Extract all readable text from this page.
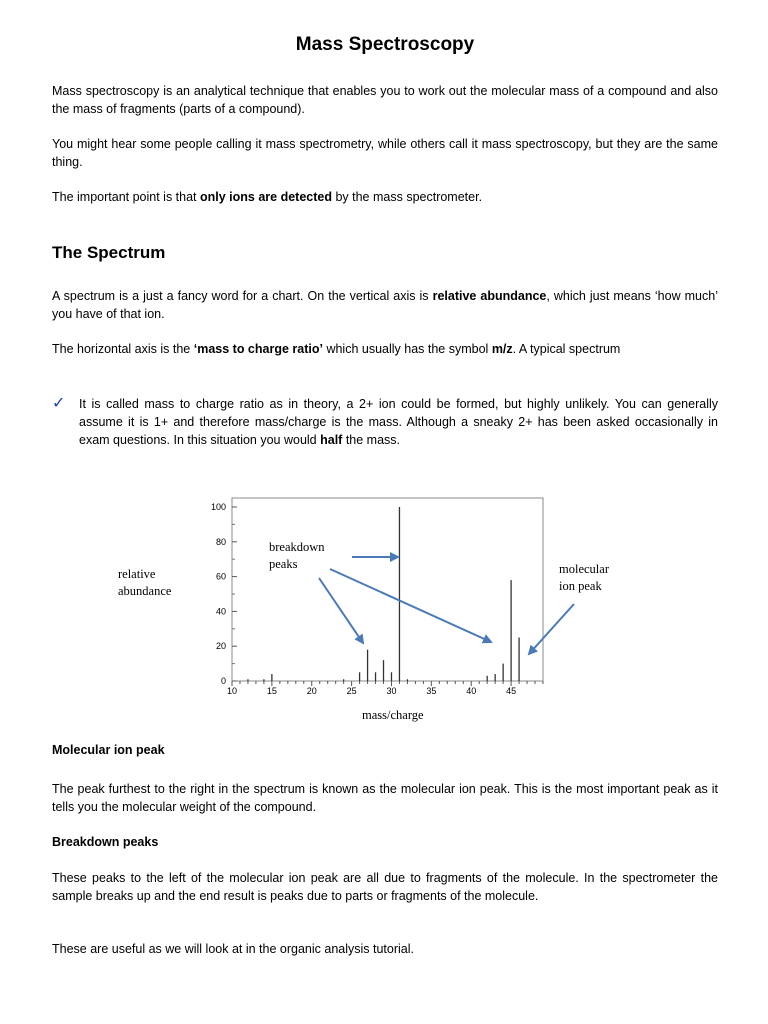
Mass Spectroscopy

Mass spectroscopy is an analytical technique that enables you to work out the molecular mass of a compound and also the mass of fragments (parts of a compound).

You might hear some people calling it mass spectrometry, while others call it mass spectroscopy, but they are the same thing.

The important point is that only ions are detected by the mass spectrometer.

The Spectrum

A spectrum is a just a fancy word for a chart. On the vertical axis is relative abundance, which just means ‘how much’ you have of that ion.

The horizontal axis is the ‘mass to charge ratio’ which usually has the symbol m/z. A typical spectrum

✓ It is called mass to charge ratio as in theory, a 2+ ion could be formed, but highly unlikely. You can generally assume it is 1+ and therefore mass/charge is the mass. Although a sneaky 2+ has been asked occasionally in exam questions. In this situation you would half the mass.

relative
abundance
breakdown
peaks	molecular
ion peak
mass/charge
Molecular ion peak

The peak furthest to the right in the spectrum is known as the molecular ion peak. This is the most important peak as it tells you the molecular weight of the compound.

Breakdown peaks

These peaks to the left of the molecular ion peak are all due to fragments of the molecule. In the spectrometer the sample breaks up and the end result is peaks due to parts or fragments of the molecule.

These are useful as we will look at in the organic analysis tutorial.

0
20
40
60
80
100
10	15	20	25	30	35	40	45
